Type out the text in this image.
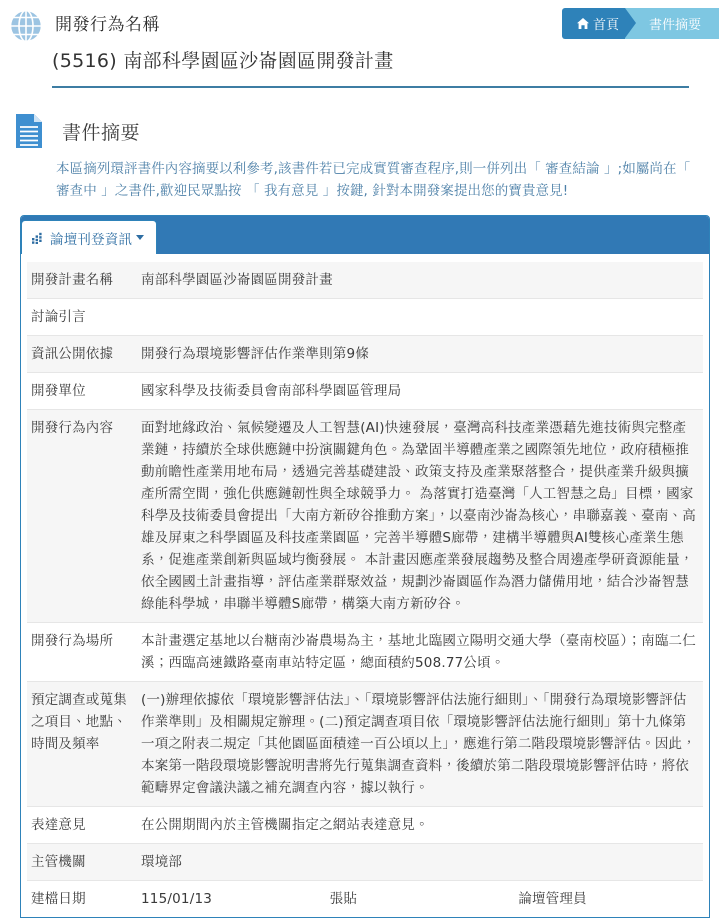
開發行為名稱	首頁 書件摘要
(5516) 南部科學園區沙崙園區開發計畫
書件摘要
本區摘列環評書件內容摘要以利參考,該書件若已完成實質審查程序,則一併列出「 審查結論 」;如屬尚在「 審查中 」之書件,歡迎民眾點按 「 我有意見 」按鍵, 針對本開發案提出您的寶貴意見!
論壇刊登資訊
開發計畫名稱	南部科學園區沙崙園區開發計畫		
討論引言			
資訊公開依據	開發行為環境影響評估作業準則第9條		
開發單位	國家科學及技術委員會南部科學園區管理局		
開發行為內容	面對地緣政治、氣候變遷及人工智慧(AI)快速發展，臺灣高科技產業憑藉先進技術與完整產業鏈，持續於全球供應鏈中扮演關鍵角色。為鞏固半導體產業之國際領先地位，政府積極推動前瞻性產業用地布局，透過完善基礎建設、政策支持及產業聚落整合，提供產業升級與擴產所需空間，強化供應鏈韌性與全球競爭力。 為落實打造臺灣「人工智慧之島」目標，國家科學及技術委員會提出「大南方新矽谷推動方案」，以臺南沙崙為核心，串聯嘉義、臺南、高雄及屏東之科學園區及科技產業園區，完善半導體S廊帶，建構半導體與AI雙核心產業生態系，促進產業創新與區域均衡發展。 本計畫因應產業發展趨勢及整合周邊產學研資源能量，依全國國土計畫指導，評估產業群聚效益，規劃沙崙園區作為潛力儲備用地，結合沙崙智慧綠能科學城，串聯半導體S廊帶，構築大南方新矽谷。		
開發行為場所	本計畫選定基地以台糖南沙崙農場為主，基地北臨國立陽明交通大學（臺南校區）；南臨二仁溪；西臨高速鐵路臺南車站特定區，總面積約508.77公頃。		
預定調查或蒐集之項目、地點、時間及頻率	(一)辦理依據依「環境影響評估法」、「環境影響評估法施行細則」、「開發行為環境影響評估作業準則」及相關規定辦理。(二)預定調查項目依「環境影響評估法施行細則」第十九條第一項之附表二規定「其他園區面積達一百公頃以上」，應進行第二階段環境影響評估。因此，本案第一階段環境影響說明書將先行蒐集調查資料，後續於第二階段環境影響評估時，將依範疇界定會議決議之補充調查內容，據以執行。		
表達意見	在公開期間內於主管機關指定之網站表達意見。		
主管機關	環境部		
建檔日期	115/01/13	張貼	論壇管理員
